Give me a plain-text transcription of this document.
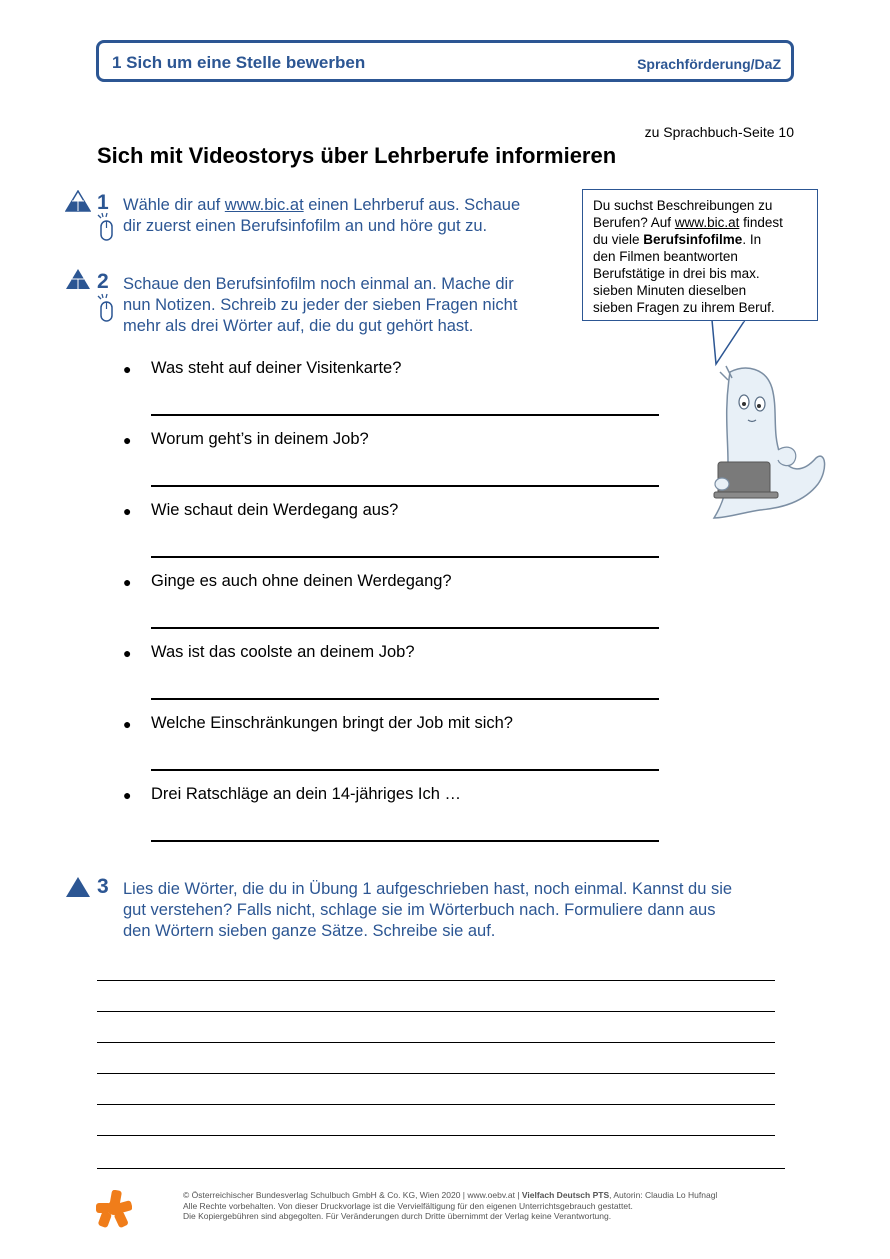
1 Sich um eine Stelle bewerben	Sprachförderung/DaZ
zu Sprachbuch-Seite 10
Sich mit Videostorys über Lehrberufe informieren
1 Wähle dir auf www.bic.at einen Lehrberuf aus. Schaue
dir zuerst einen Berufsinfofilm an und höre gut zu.
2 Schaue den Berufsinfofilm noch einmal an. Mache dir
nun Notizen. Schreib zu jeder der sieben Fragen nicht
mehr als drei Wörter auf, die du gut gehört hast.
● Was steht auf deiner Visitenkarte?
● Worum geht’s in deinem Job?
● Wie schaut dein Werdegang aus?
● Ginge es auch ohne deinen Werdegang?
● Was ist das coolste an deinem Job?
● Welche Einschränkungen bringt der Job mit sich?
● Drei Ratschläge an dein 14-jähriges Ich …
Du suchst Beschreibungen zu
Berufen? Auf www.bic.at findest
du viele Berufsinfofilme. In
den Filmen beantworten
Berufstätige in drei bis max.
sieben Minuten dieselben
sieben Fragen zu ihrem Beruf.
3 Lies die Wörter, die du in Übung 1 aufgeschrieben hast, noch einmal. Kannst du sie
gut verstehen? Falls nicht, schlage sie im Wörterbuch nach. Formuliere dann aus
den Wörtern sieben ganze Sätze. Schreibe sie auf.
© Österreichischer Bundesverlag Schulbuch GmbH & Co. KG, Wien 2020 | www.oebv.at | Vielfach Deutsch PTS, Autorin: Claudia Lo Hufnagl
Alle Rechte vorbehalten. Von dieser Druckvorlage ist die Vervielfältigung für den eigenen Unterrichtsgebrauch gestattet.
Die Kopiergebühren sind abgegolten. Für Veränderungen durch Dritte übernimmt der Verlag keine Verantwortung.
